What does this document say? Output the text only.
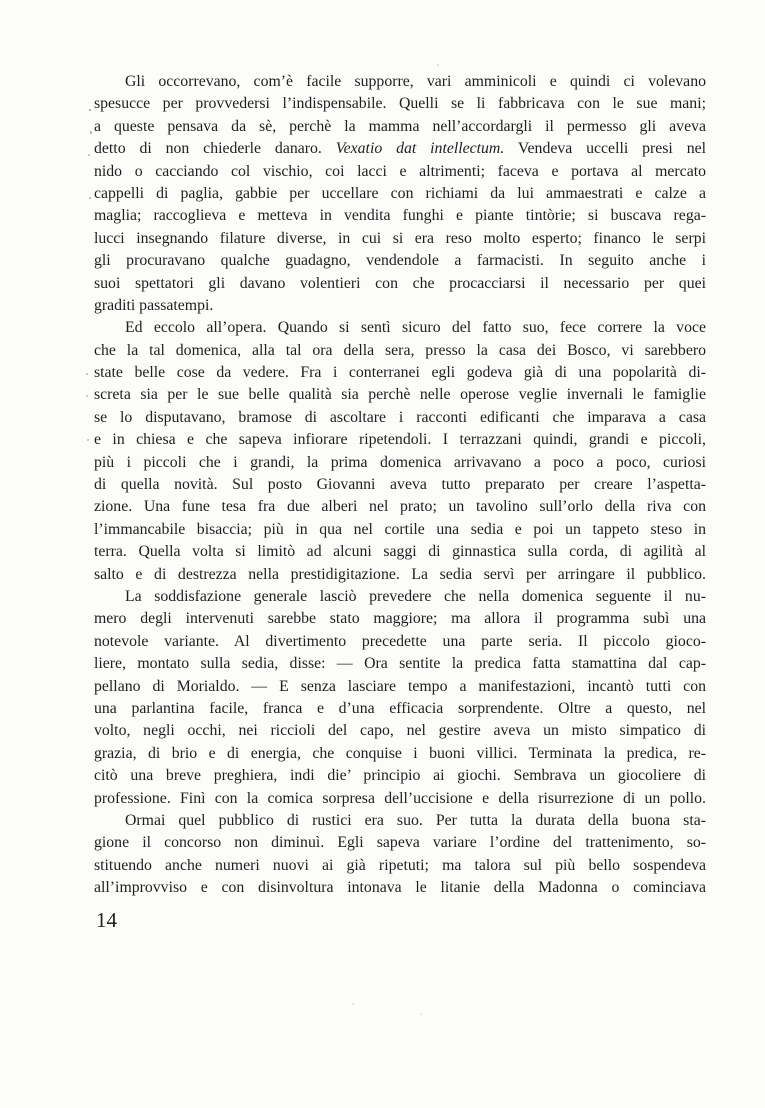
Gli occorrevano, com’è facile supporre, vari amminicoli e quindi ci volevano
spesucce per provvedersi l’indispensabile. Quelli se li fabbricava con le sue mani;
a queste pensava da sè, perchè la mamma nell’accordargli il permesso gli aveva
detto di non chiederle danaro. Vexatio dat intellectum. Vendeva uccelli presi nel
nido o cacciando col vischio, coi lacci e altrimenti; faceva e portava al mercato
cappelli di paglia, gabbie per uccellare con richiami da lui ammaestrati e calze a
maglia; raccoglieva e metteva in vendita funghi e piante tintòrie; si buscava rega-
lucci insegnando filature diverse, in cui si era reso molto esperto; financo le serpi
gli procuravano qualche guadagno, vendendole a farmacisti. In seguito anche i
suoi spettatori gli davano volentieri con che procacciarsi il necessario per quei
graditi passatempi.
Ed eccolo all’opera. Quando si sentì sicuro del fatto suo, fece correre la voce
che la tal domenica, alla tal ora della sera, presso la casa dei Bosco, vi sarebbero
state belle cose da vedere. Fra i conterranei egli godeva già di una popolarità di-
screta sia per le sue belle qualità sia perchè nelle operose veglie invernali le famiglie
se lo disputavano, bramose di ascoltare i racconti edificanti che imparava a casa
e in chiesa e che sapeva infiorare ripetendoli. I terrazzani quindi, grandi e piccoli,
più i piccoli che i grandi, la prima domenica arrivavano a poco a poco, curiosi
di quella novità. Sul posto Giovanni aveva tutto preparato per creare l’aspetta-
zione. Una fune tesa fra due alberi nel prato; un tavolino sull’orlo della riva con
l’immancabile bisaccia; più in qua nel cortile una sedia e poi un tappeto steso in
terra. Quella volta si limitò ad alcuni saggi di ginnastica sulla corda, di agilità al
salto e di destrezza nella prestidigitazione. La sedia servì per arringare il pubblico.
La soddisfazione generale lasciò prevedere che nella domenica seguente il nu-
mero degli intervenuti sarebbe stato maggiore; ma allora il programma subì una
notevole variante. Al divertimento precedette una parte seria. Il piccolo gioco-
liere, montato sulla sedia, disse: — Ora sentite la predica fatta stamattina dal cap-
pellano di Morialdo. — E senza lasciare tempo a manifestazioni, incantò tutti con
una parlantina facile, franca e d’una efficacia sorprendente. Oltre a questo, nel
volto, negli occhi, nei riccioli del capo, nel gestire aveva un misto simpatico di
grazia, di brio e di energia, che conquise i buoni villici. Terminata la predica, re-
citò una breve preghiera, indi die’ principio ai giochi. Sembrava un giocoliere di
professione. Finì con la comica sorpresa dell’uccisione e della risurrezione di un pollo.
Ormai quel pubblico di rustici era suo. Per tutta la durata della buona sta-
gione il concorso non diminuì. Egli sapeva variare l’ordine del trattenimento, so-
stituendo anche numeri nuovi ai già ripetuti; ma talora sul più bello sospendeva
all’improvviso e con disinvoltura intonava le litanie della Madonna o cominciava
14
